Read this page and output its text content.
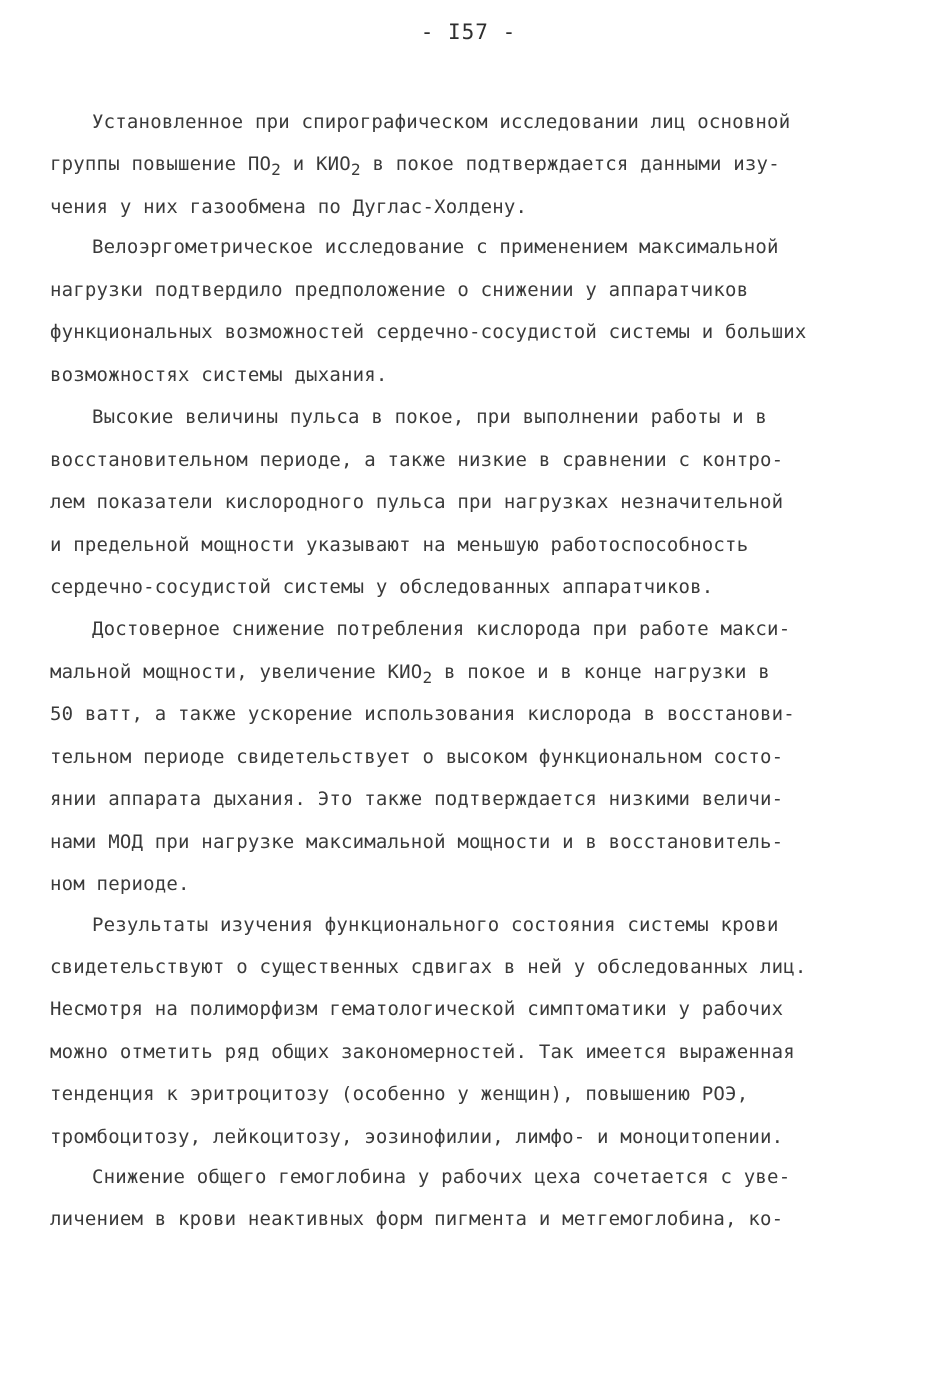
- I57 -
Установленное при спирографическом исследовании лиц основной
группы повышение $ПО_2$ и $КИО_2$ в покое подтверждается данными изу-
чения у них газообмена по Дуглас-Холдену.
Велоэргометрическое исследование с применением максимальной
нагрузки подтвердило предположение о снижении у аппаратчиков
функциональных возможностей сердечно-сосудистой системы и больших
возможностях системы дыхания.
Высокие величины пульса в покое, при выполнении работы и в
восстановительном периоде, а также низкие в сравнении с контро-
лем показатели кислородного пульса при нагрузках незначительной
и предельной мощности указывают на меньшую работоспособность
сердечно-сосудистой системы у обследованных аппаратчиков.
Достоверное снижение потребления кислорода при работе макси-
мальной мощности, увеличение $КИО_2$ в покое и в конце нагрузки в
50 ватт, а также ускорение использования кислорода в восстанови-
тельном периоде свидетельствует о высоком функциональном состо-
янии аппарата дыхания. Это также подтверждается низкими величи-
нами МОД при нагрузке максимальной мощности и в восстановитель-
ном периоде.
Результаты изучения функционального состояния системы крови
свидетельствуют о существенных сдвигах в ней у обследованных лиц.
Несмотря на полиморфизм гематологической симптоматики у рабочих
можно отметить ряд общих закономерностей. Так имеется выраженная
тенденция к эритроцитозу (особенно у женщин), повышению РОЭ,
тромбоцитозу, лейкоцитозу, эозинофилии, лимфо- и моноцитопении.
Снижение общего гемоглобина у рабочих цеха сочетается с уве-
личением в крови неактивных форм пигмента и метгемоглобина, ко-
